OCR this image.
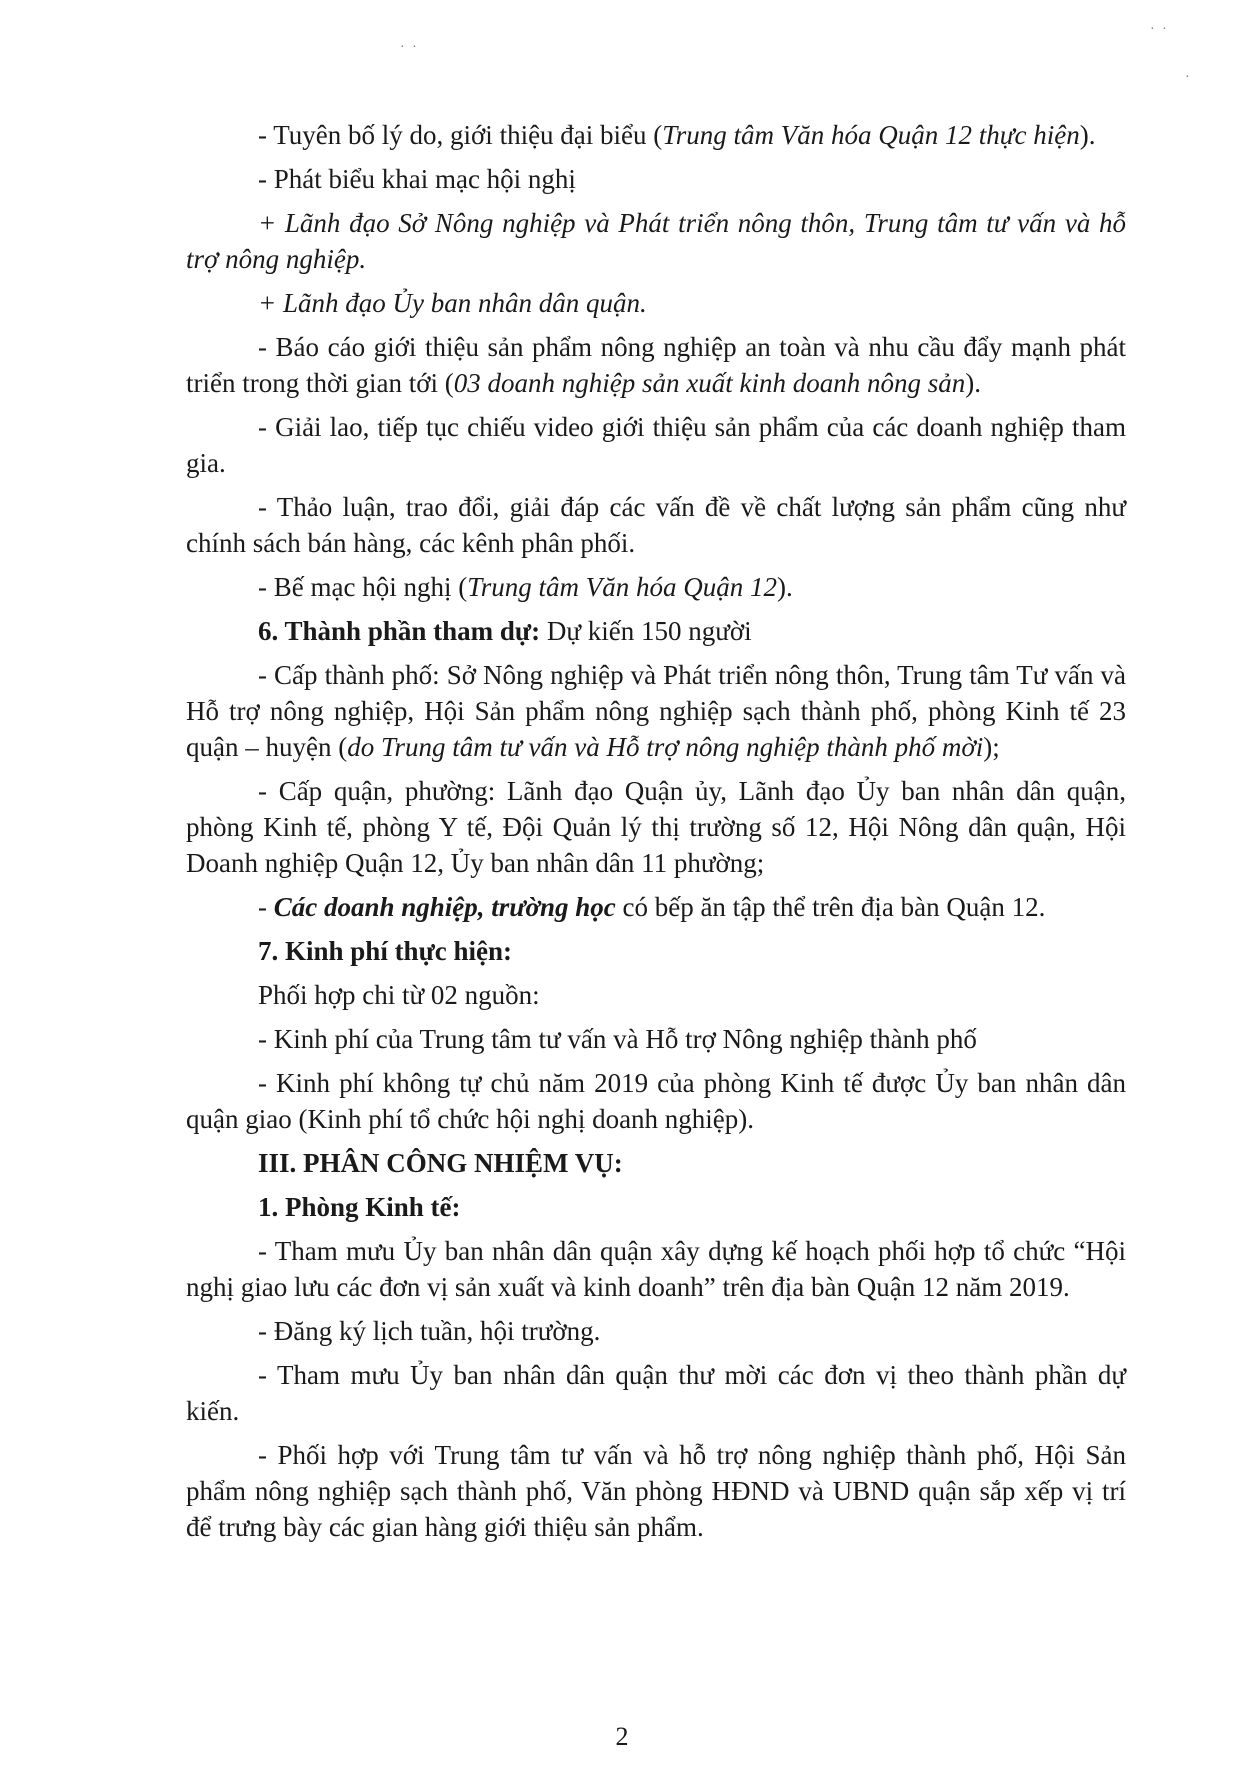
· ·
· ·
·

- Tuyên bố lý do, giới thiệu đại biểu (Trung tâm Văn hóa Quận 12 thực hiện).

- Phát biểu khai mạc hội nghị

+ Lãnh đạo Sở Nông nghiệp và Phát triển nông thôn, Trung tâm tư vấn và hỗ trợ nông nghiệp.

+ Lãnh đạo Ủy ban nhân dân quận.

- Báo cáo giới thiệu sản phẩm nông nghiệp an toàn và nhu cầu đẩy mạnh phát triển trong thời gian tới (03 doanh nghiệp sản xuất kinh doanh nông sản).

- Giải lao, tiếp tục chiếu video giới thiệu sản phẩm của các doanh nghiệp tham gia.

- Thảo luận, trao đổi, giải đáp các vấn đề về chất lượng sản phẩm cũng như chính sách bán hàng, các kênh phân phối.

- Bế mạc hội nghị (Trung tâm Văn hóa Quận 12).

6. Thành phần tham dự: Dự kiến 150 người

- Cấp thành phố: Sở Nông nghiệp và Phát triển nông thôn, Trung tâm Tư vấn và Hỗ trợ nông nghiệp, Hội Sản phẩm nông nghiệp sạch thành phố, phòng Kinh tế 23 quận – huyện (do Trung tâm tư vấn và Hỗ trợ nông nghiệp thành phố mời);

- Cấp quận, phường: Lãnh đạo Quận ủy, Lãnh đạo Ủy ban nhân dân quận, phòng Kinh tế, phòng Y tế, Đội Quản lý thị trường số 12, Hội Nông dân quận, Hội Doanh nghiệp Quận 12, Ủy ban nhân dân 11 phường;

- Các doanh nghiệp, trường học có bếp ăn tập thể trên địa bàn Quận 12.

7. Kinh phí thực hiện:

Phối hợp chi từ 02 nguồn:

- Kinh phí của Trung tâm tư vấn và Hỗ trợ Nông nghiệp thành phố

- Kinh phí không tự chủ năm 2019 của phòng Kinh tế được Ủy ban nhân dân quận giao (Kinh phí tổ chức hội nghị doanh nghiệp).

III. PHÂN CÔNG NHIỆM VỤ:

1. Phòng Kinh tế:

- Tham mưu Ủy ban nhân dân quận xây dựng kế hoạch phối hợp tổ chức “Hội nghị giao lưu các đơn vị sản xuất và kinh doanh” trên địa bàn Quận 12 năm 2019.

- Đăng ký lịch tuần, hội trường.

- Tham mưu Ủy ban nhân dân quận thư mời các đơn vị theo thành phần dự kiến.

- Phối hợp với Trung tâm tư vấn và hỗ trợ nông nghiệp thành phố, Hội Sản phẩm nông nghiệp sạch thành phố, Văn phòng HĐND và UBND quận sắp xếp vị trí để trưng bày các gian hàng giới thiệu sản phẩm.

2
